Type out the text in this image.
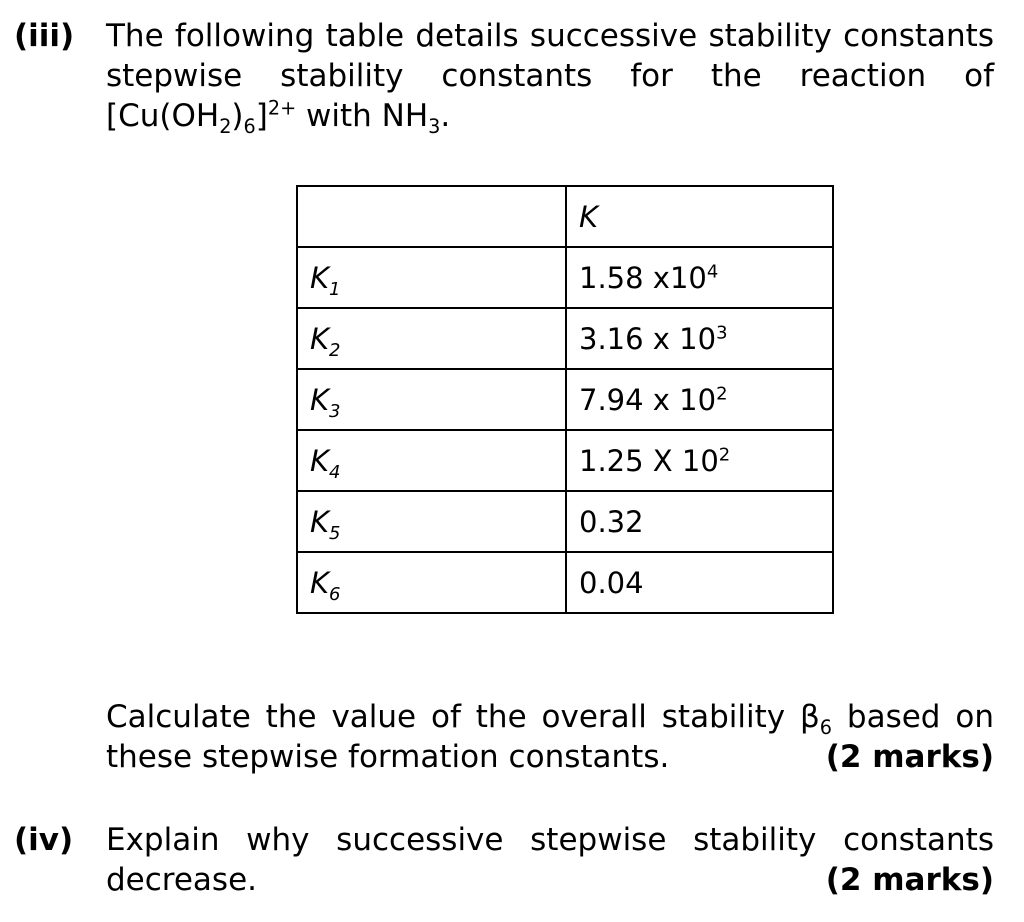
(iii) The following table details successive stability constants
stepwise stability constants for the reaction of
$[Cu(OH_2)_6]^{2+}$ with $NH_3$.
	K
$K_1$	1.58 $x10^4$
$K_2$	3.16 x $10^3$
$K_3$	7.94 x $10^2$
$K_4$	1.25 X $10^2$
$K_5$	0.32
$K_6$	0.04
Calculate the value of the overall stability $\beta_6$ based on
these stepwise formation constants.	(2 marks)
(iv) Explain why successive stepwise stability constants
decrease.	(2 marks)
